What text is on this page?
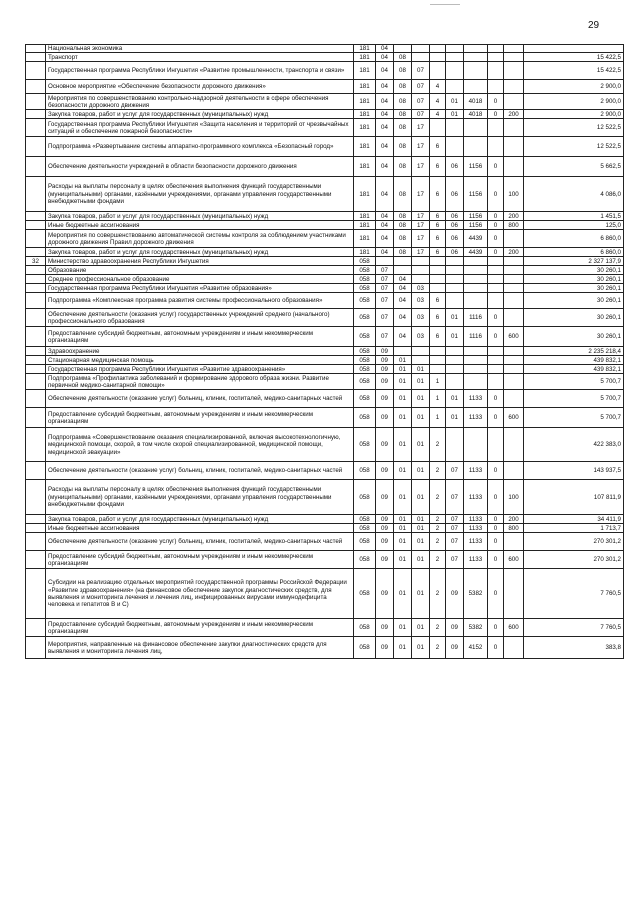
29
	Национальная экономика	181	04								
	Транспорт	181	04	08							15 422,5
	Государственная программа Республики Ингушетия «Развитие промышленности, транспорта и связи»	181	04	08	07						15 422,5
	Основное мероприятие «Обеспечение безопасности дорожного движения»	181	04	08	07	4					2 900,0
	Мероприятия по совершенствованию контрольно-надзорной деятельности в сфере обеспечения безопасности дорожного движения	181	04	08	07	4	01	4018	0		2 900,0
	Закупка товаров, работ и услуг для государственных (муниципальных) нужд	181	04	08	07	4	01	4018	0	200	2 900,0
	Государственная программа Республики Ингушетия «Защита населения и территорий от чрезвычайных ситуаций и обеспечение пожарной безопасности»	181	04	08	17						12 522,5
	Подпрограмма «Развертывание системы аппаратно-программного комплекса «Безопасный город»	181	04	08	17	6					12 522,5
	Обеспечение деятельности учреждений в области безопасности дорожного движения	181	04	08	17	6	06	1156	0		5 662,5
	Расходы на выплаты персоналу в целях обеспечения выполнения функций государственными (муниципальными) органами, казёнными учреждениями, органами управления государственными внебюджетными фондами	181	04	08	17	6	06	1156	0	100	4 086,0
	Закупка товаров, работ и услуг для государственных (муниципальных) нужд	181	04	08	17	6	06	1156	0	200	1 451,5
	Иные бюджетные ассигнования	181	04	08	17	6	06	1156	0	800	125,0
	Мероприятия по совершенствованию автоматической системы контроля за соблюдением участниками дорожного движения Правил дорожного движения	181	04	08	17	6	06	4439	0		6 860,0
	Закупка товаров, работ и услуг для государственных (муниципальных) нужд	181	04	08	17	6	06	4439	0	200	6 860,0
32	Министерство здравоохранения Республики Ингушетия	058									2 327 137,9
	Образование	058	07								30 260,1
	Среднее профессиональное образование	058	07	04							30 260,1
	Государственная программа Республики Ингушетия «Развитие образования»	058	07	04	03						30 260,1
	Подпрограмма «Комплексная программа развития системы профессионального образования»	058	07	04	03	6					30 260,1
	Обеспечение деятельности (оказания услуг) государственных учреждений среднего (начального) профессионального образования	058	07	04	03	6	01	1116	0		30 260,1
	Предоставление субсидий бюджетным, автономным учреждениям и иным некоммерческим организациям	058	07	04	03	6	01	1116	0	600	30 260,1
	Здравоохранение	058	09								2 235 218,4
	Стационарная медицинская помощь	058	09	01							439 832,1
	Государственная программа Республики Ингушетия «Развитие здравоохранения»	058	09	01	01						439 832,1
	Подпрограмма «Профилактика заболеваний и формирование здорового образа жизни. Развитие первичной медико-санитарной помощи»	058	09	01	01	1					5 700,7
	Обеспечение деятельности (оказание услуг) больниц, клиник, госпиталей, медико-санитарных частей	058	09	01	01	1	01	1133	0		5 700,7
	Предоставление субсидий бюджетным, автономным учреждениям и иным некоммерческим организациям	058	09	01	01	1	01	1133	0	600	5 700,7
	Подпрограмма «Совершенствование оказания специализированной, включая высокотехнологичную, медицинской помощи, скорой, в том числе скорой специализированной, медицинской помощи, медицинской эвакуации»	058	09	01	01	2					422 383,0
	Обеспечение деятельности (оказание услуг) больниц, клиник, госпиталей, медико-санитарных частей	058	09	01	01	2	07	1133	0		143 937,5
	Расходы на выплаты персоналу в целях обеспечения выполнения функций государственными (муниципальными) органами, казёнными учреждениями, органами управления государственными внебюджетными фондами	058	09	01	01	2	07	1133	0	100	107 811,9
	Закупка товаров, работ и услуг для государственных (муниципальных) нужд	058	09	01	01	2	07	1133	0	200	34 411,9
	Иные бюджетные ассигнования	058	09	01	01	2	07	1133	0	800	1 713,7
	Обеспечение деятельности (оказание услуг) больниц, клиник, госпиталей, медико-санитарных частей	058	09	01	01	2	07	1133	0		270 301,2
	Предоставление субсидий бюджетным, автономным учреждениям и иным некоммерческим организациям	058	09	01	01	2	07	1133	0	600	270 301,2
	Субсидии на реализацию отдельных мероприятий государственной программы Российской Федерации «Развитие здравоохранения» (на финансовое обеспечение закупок диагностических средств, для выявления и мониторинга лечения и лечения лиц, инфицированных вирусами иммунодефицита человека и гепатитов В и С)	058	09	01	01	2	09	5382	0		7 760,5
	Предоставление субсидий бюджетным, автономным учреждениям и иным некоммерческим организациям	058	09	01	01	2	09	5382	0	600	7 760,5
	Мероприятия, направленные на финансовое обеспечение закупки диагностических средств для выявления и мониторинга лечения лиц,	058	09	01	01	2	09	4152	0		383,8
